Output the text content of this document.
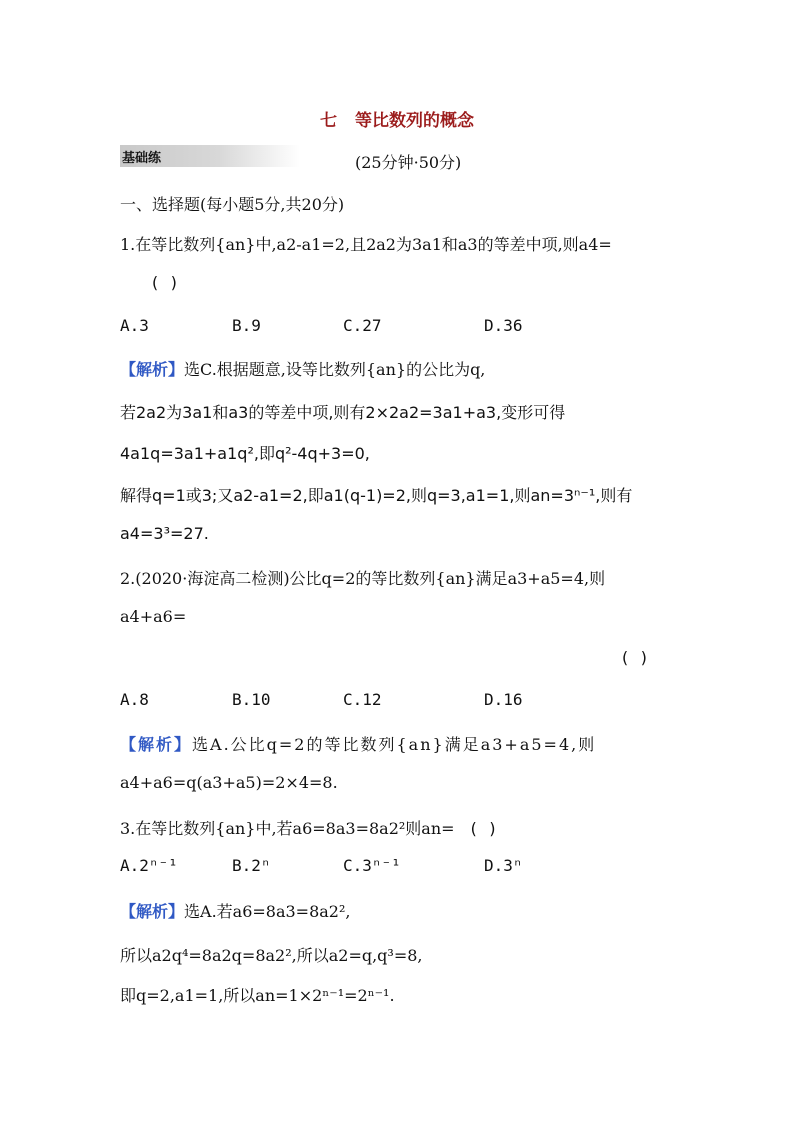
七 等比数列的概念
基础练	(25分钟·50分)
一、选择题(每小题5分,共20分)
1.在等比数列{an}中,a2-a1=2,且2a2为3a1和a3的等差中项,则a4=
( )
A.3	B.9	C.27	D.36
【解析】选C.根据题意,设等比数列{an}的公比为q,
若2a2为3a1和a3的等差中项,则有2×2a2=3a1+a3,变形可得
4a1q=3a1+a1q²,即q²-4q+3=0,
解得q=1或3;又a2-a1=2,即a1(q-1)=2,则q=3,a1=1,则an=3ⁿ⁻¹,则有
a4=3³=27.
2.(2020·海淀高二检测)公比q=2的等比数列{an}满足a3+a5=4,则
a4+a6=
( )
A.8	B.10	C.12	D.16
【解析】选A.公比q=2的等比数列{an}满足a3+a5=4,则
a4+a6=q(a3+a5)=2×4=8.
3.在等比数列{an}中,若a6=8a3=8a2²则an= ( )
A.2ⁿ⁻¹	B.2ⁿ	C.3ⁿ⁻¹	D.3ⁿ
【解析】选A.若a6=8a3=8a2²,
所以a2q⁴=8a2q=8a2²,所以a2=q,q³=8,
即q=2,a1=1,所以an=1×2ⁿ⁻¹=2ⁿ⁻¹.
